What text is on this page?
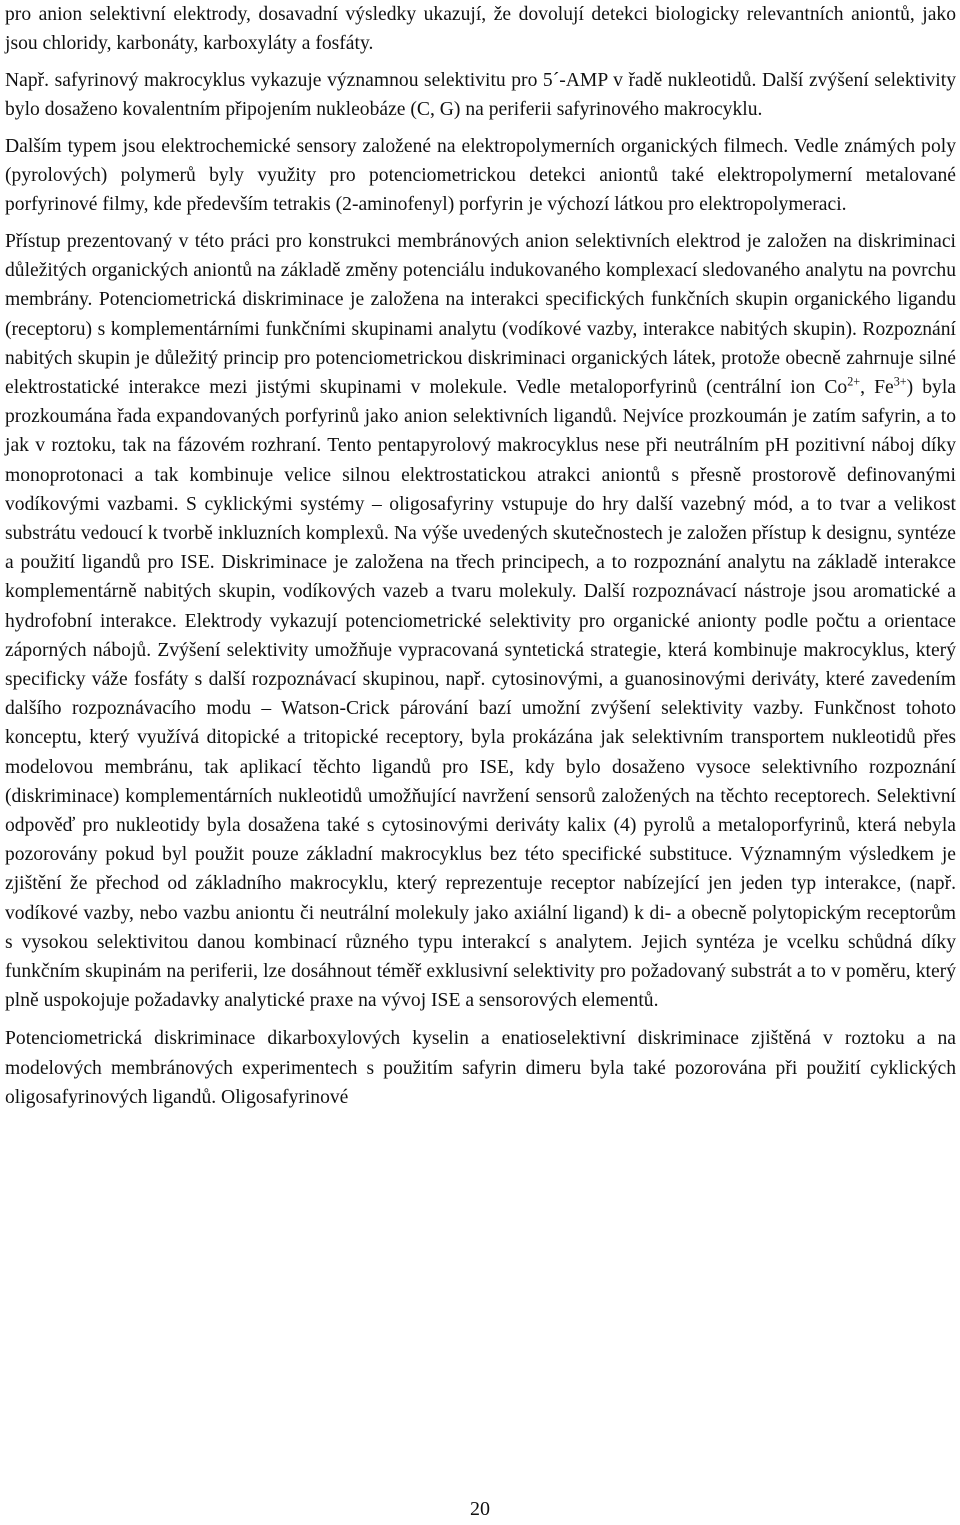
pro anion selektivní elektrody, dosavadní výsledky ukazují, že dovolují detekci biologicky relevantních aniontů, jako jsou chloridy, karbonáty, karboxyláty a fosfáty.

Např. safyrinový makrocyklus vykazuje významnou selektivitu pro 5´-AMP v řadě nukleotidů. Další zvýšení selektivity bylo dosaženo kovalentním připojením nukleobáze (C, G) na periferii safyrinového makrocyklu.

Dalším typem jsou elektrochemické sensory založené na elektropolymerních organických filmech. Vedle známých poly (pyrolových) polymerů byly využity pro potenciometrickou detekci aniontů také elektropolymerní metalované porfyrinové filmy, kde především tetrakis (2-aminofenyl) porfyrin je výchozí látkou pro elektropolymeraci.

Přístup prezentovaný v této práci pro konstrukci membránových anion selektivních elektrod je založen na diskriminaci důležitých organických aniontů na základě změny potenciálu indukovaného komplexací sledovaného analytu na povrchu membrány. Potenciometrická diskriminace je založena na interakci specifických funkčních skupin organického ligandu (receptoru) s komplementárními funkčními skupinami analytu (vodíkové vazby, interakce nabitých skupin). Rozpoznání nabitých skupin je důležitý princip pro potenciometrickou diskriminaci organických látek, protože obecně zahrnuje silné elektrostatické interakce mezi jistými skupinami v molekule. Vedle metaloporfyrinů (centrální ion $Co^{2+}$, $Fe^{3+}$) byla prozkoumána řada expandovaných porfyrinů jako anion selektivních ligandů. Nejvíce prozkoumán je zatím safyrin, a to jak v roztoku, tak na fázovém rozhraní. Tento pentapyrolový makrocyklus nese při neutrálním pH pozitivní náboj díky monoprotonaci a tak kombinuje velice silnou elektrostatickou atrakci aniontů s přesně prostorově definovanými vodíkovými vazbami. S cyklickými systémy – oligosafyriny vstupuje do hry další vazebný mód, a to tvar a velikost substrátu vedoucí k tvorbě inkluzních komplexů. Na výše uvedených skutečnostech je založen přístup k designu, syntéze a použití ligandů pro ISE. Diskriminace je založena na třech principech, a to rozpoznání analytu na základě interakce komplementárně nabitých skupin, vodíkových vazeb a tvaru molekuly. Další rozpoznávací nástroje jsou aromatické a hydrofobní interakce. Elektrody vykazují potenciometrické selektivity pro organické anionty podle počtu a orientace záporných nábojů. Zvýšení selektivity umožňuje vypracovaná syntetická strategie, která kombinuje makrocyklus, který specificky váže fosfáty s další rozpoznávací skupinou, např. cytosinovými, a guanosinovými deriváty, které zavedením dalšího rozpoznávacího modu – Watson-Crick párování bazí umožní zvýšení selektivity vazby. Funkčnost tohoto konceptu, který využívá ditopické a tritopické receptory, byla prokázána jak selektivním transportem nukleotidů přes modelovou membránu, tak aplikací těchto ligandů pro ISE, kdy bylo dosaženo vysoce selektivního rozpoznání (diskriminace) komplementárních nukleotidů umožňující navržení sensorů založených na těchto receptorech. Selektivní odpověď pro nukleotidy byla dosažena také s cytosinovými deriváty kalix (4) pyrolů a metaloporfyrinů, která nebyla pozorovány pokud byl použit pouze základní makrocyklus bez této specifické substituce. Významným výsledkem je zjištění že přechod od základního makrocyklu, který reprezentuje receptor nabízející jen jeden typ interakce, (např. vodíkové vazby, nebo vazbu aniontu či neutrální molekuly jako axiální ligand) k di- a obecně polytopickým receptorům s vysokou selektivitou danou kombinací různého typu interakcí s analytem. Jejich syntéza je vcelku schůdná díky funkčním skupinám na periferii, lze dosáhnout téměř exklusivní selektivity pro požadovaný substrát a to v poměru, který plně uspokojuje požadavky analytické praxe na vývoj ISE a sensorových elementů.

Potenciometrická diskriminace dikarboxylových kyselin a enatioselektivní diskriminace zjištěná v roztoku a na modelových membránových experimentech s použitím safyrin dimeru byla také pozorována při použití cyklických oligosafyrinových ligandů. Oligosafyrinové

20
